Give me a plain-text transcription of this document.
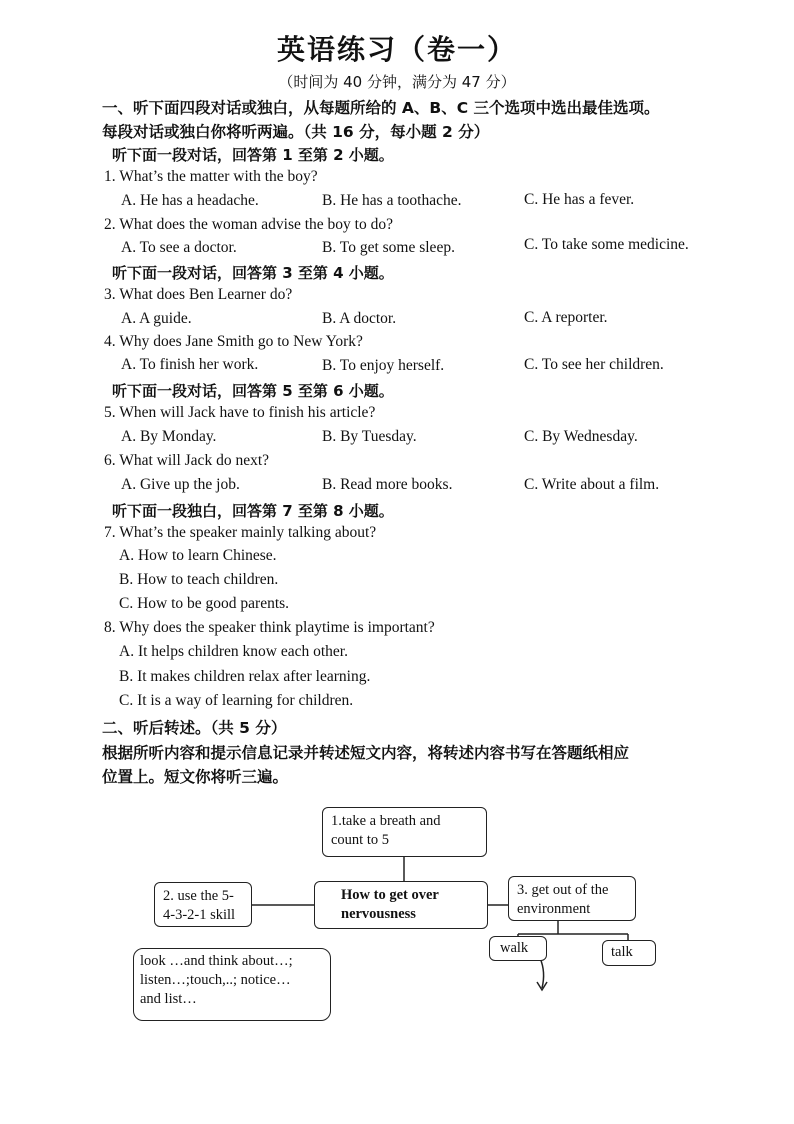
英语练习（卷一）
（时间为 40 分钟，满分为 47 分）
一、听下面四段对话或独白，从每题所给的 A、B、C 三个选项中选出最佳选项。
每段对话或独白你将听两遍。（共 16 分，每小题 2 分）
听下面一段对话，回答第 1 至第 2 小题。
1. What’s the matter with the boy?
A. He has a headache.	B. He has a toothache.	C. He has a fever.
2. What does the woman advise the boy to do?
A. To see a doctor.	B. To get some sleep.	C. To take some medicine.
听下面一段对话，回答第 3 至第 4 小题。
3. What does Ben Learner do?
A. A guide.	B. A doctor.	C. A reporter.
4. Why does Jane Smith go to New York?
A. To finish her work.	B. To enjoy herself.	C. To see her children.
听下面一段对话，回答第 5 至第 6 小题。
5. When will Jack have to finish his article?
A. By Monday.	B. By Tuesday.	C. By Wednesday.
6. What will Jack do next?
A. Give up the job.	B. Read more books.	C. Write about a film.
听下面一段独白，回答第 7 至第 8 小题。
7. What’s the speaker mainly talking about?
A. How to learn Chinese.
B. How to teach children.
C. How to be good parents.
8. Why does the speaker think playtime is important?
A. It helps children know each other.
B. It makes children relax after learning.
C. It is a way of learning for children.
二、听后转述。（共 5 分）
根据所听内容和提示信息记录并转述短文内容，将转述内容书写在答题纸相应
位置上。短文你将听三遍。
1.take a breath and
count to 5
How to get over
nervousness
2. use the 5-
4-3-2-1 skill
3. get out of the
environment
walk	talk
look …and think about…;
listen…;touch,..; notice…
and list…
